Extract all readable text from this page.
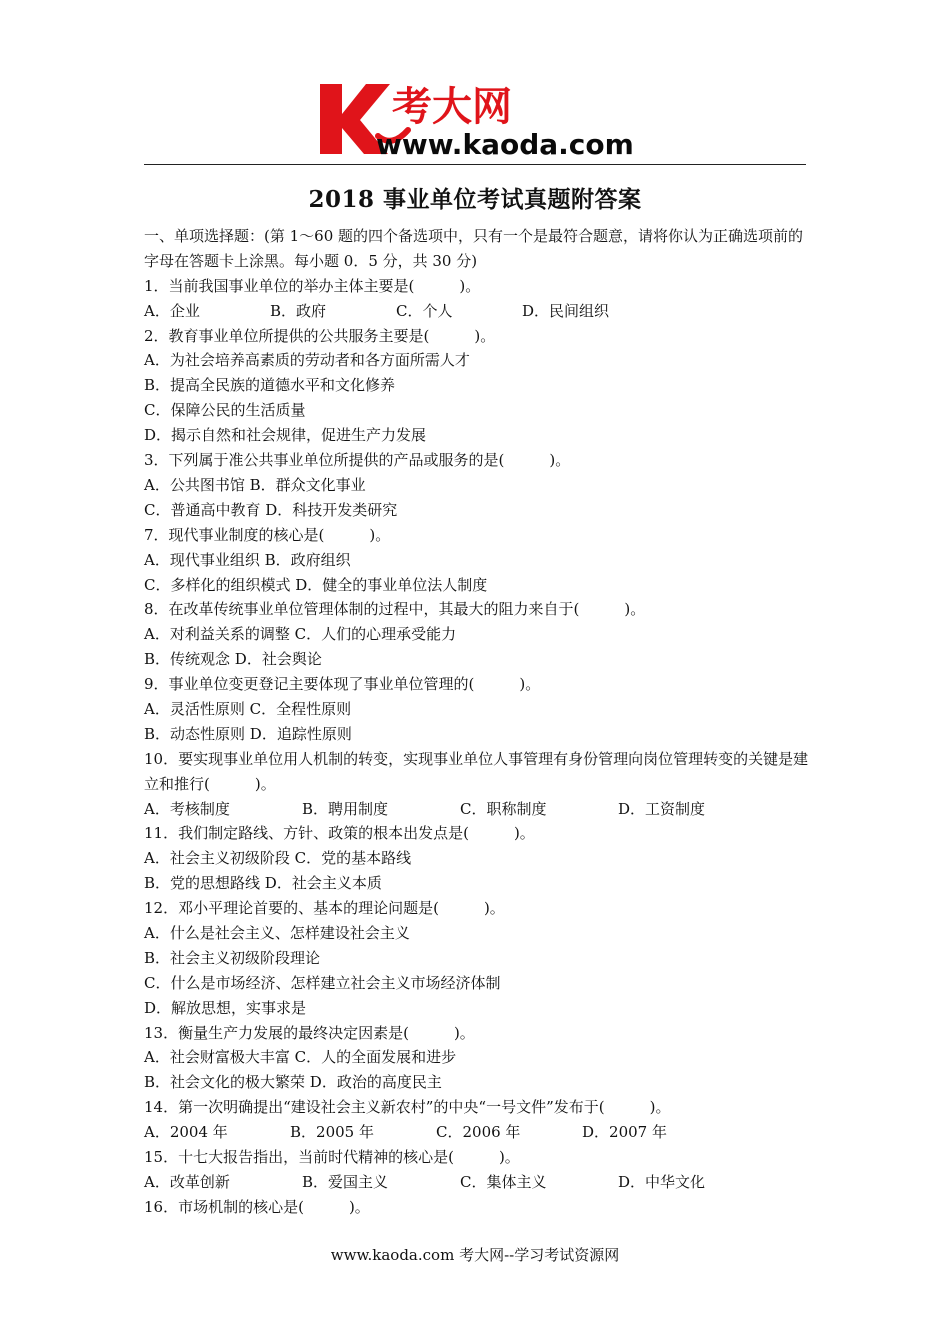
考大网
www.kaoda.com
2018 事业单位考试真题附答案
一、单项选择题：(第 1～60 题的四个备选项中，只有一个是最符合题意，请将你认为正确选项前的字母在答题卡上涂黑。每小题 0．5 分，共 30 分)
1．当前我国事业单位的举办主体主要是(　　　)。
A．企业	B．政府	C．个人	D．民间组织
2．教育事业单位所提供的公共服务主要是(　　　)。
A．为社会培养高素质的劳动者和各方面所需人才
B．提高全民族的道德水平和文化修养
C．保障公民的生活质量
D．揭示自然和社会规律，促进生产力发展
3．下列属于准公共事业单位所提供的产品或服务的是(　　　)。
A．公共图书馆 B．群众文化事业
C．普通高中教育 D．科技开发类研究
7．现代事业制度的核心是(　　　)。
A．现代事业组织 B．政府组织
C．多样化的组织模式 D．健全的事业单位法人制度
8．在改革传统事业单位管理体制的过程中，其最大的阻力来自于(　　　)。
A．对利益关系的调整 C．人们的心理承受能力
B．传统观念 D．社会舆论
9．事业单位变更登记主要体现了事业单位管理的(　　　)。
A．灵活性原则 C．全程性原则
B．动态性原则 D．追踪性原则
10．要实现事业单位用人机制的转变，实现事业单位人事管理有身份管理向岗位管理转变的关键是建立和推行(　　　)。
A．考核制度	B．聘用制度	C．职称制度	D．工资制度
11．我们制定路线、方针、政策的根本出发点是(　　　)。
A．社会主义初级阶段 C．党的基本路线
B．党的思想路线 D．社会主义本质
12．邓小平理论首要的、基本的理论问题是(　　　)。
A．什么是社会主义、怎样建设社会主义
B．社会主义初级阶段理论
C．什么是市场经济、怎样建立社会主义市场经济体制
D．解放思想，实事求是
13．衡量生产力发展的最终决定因素是(　　　)。
A．社会财富极大丰富 C．人的全面发展和进步
B．社会文化的极大繁荣 D．政治的高度民主
14．第一次明确提出“建设社会主义新农村”的中央“一号文件”发布于(　　　)。
A．2004 年	B．2005 年	C．2006 年	D．2007 年
15．十七大报告指出，当前时代精神的核心是(　　　)。
A．改革创新	B．爱国主义	C．集体主义	D．中华文化
16．市场机制的核心是(　　　)。
www.kaoda.com 考大网--学习考试资源网
